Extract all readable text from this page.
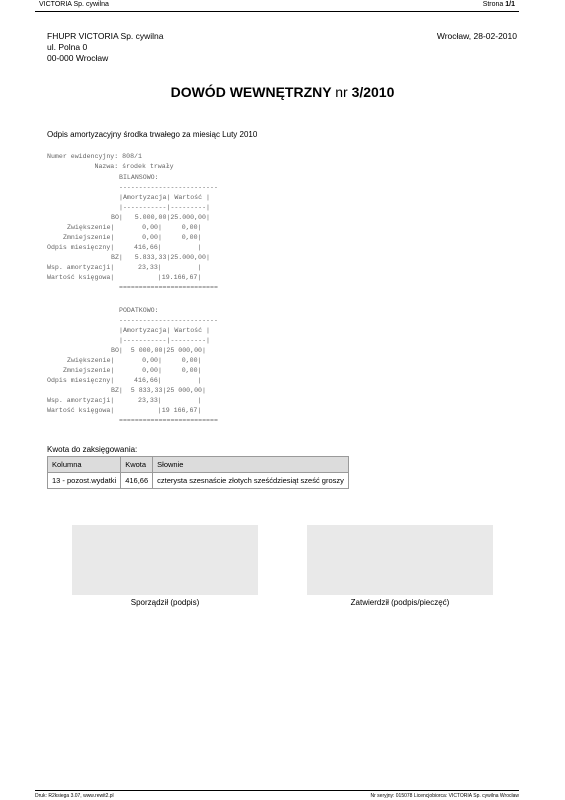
VICTORIA Sp. cywilna	Strona 1/1
FHUPR VICTORIA Sp. cywilna
ul. Polna 0
00-000 Wrocław
Wrocław, 28-02-2010
DOWÓD WEWNĘTRZNY nr 3/2010
Odpis amortyzacyjny środka trwałego za miesiąc Luty 2010
Numer ewidencyjny: 808/1
Nazwa: środek trwały
BILANSOWO:
-------------------------
|Amortyzacja| Wartość |
|-----------|---------|
BO|   5.000,00|25.000,00|
Zwiększenie|       0,00|     0,00|
Zmniejszenie|       0,00|     0,00|
Odpis miesięczny|     416,66|         |
BZ|   5.833,33|25.000,00|
Wsp. amortyzacji|      23,33|         |
Wartość księgowa|           |19.166,67|
=========================
PODATKOWO:
-------------------------
|Amortyzacja| Wartość |
|-----------|---------|
BO|  5 000,00|25 000,00|
Zwiększenie|       0,00|     0,00|
Zmniejszenie|       0,00|     0,00|
Odpis miesięczny|     416,66|         |
BZ|  5 833,33|25 000,00|
Wsp. amortyzacji|      23,33|         |
Wartość księgowa|           |19 166,67|
=========================
Kwota do zaksięgowania:
Kolumna	Kwota	Słownie
13 - pozost.wydatki	416,66	czterysta szesnaście złotych sześćdziesiąt sześć groszy
Sporządził (podpis)	Zatwierdził (podpis/pieczęć)
Druk: R2ksiega 3.07, www.rewit2.pl	Nr seryjny: 015078 Licencjobiorca: VICTORIA Sp. cywilna Wrocław
